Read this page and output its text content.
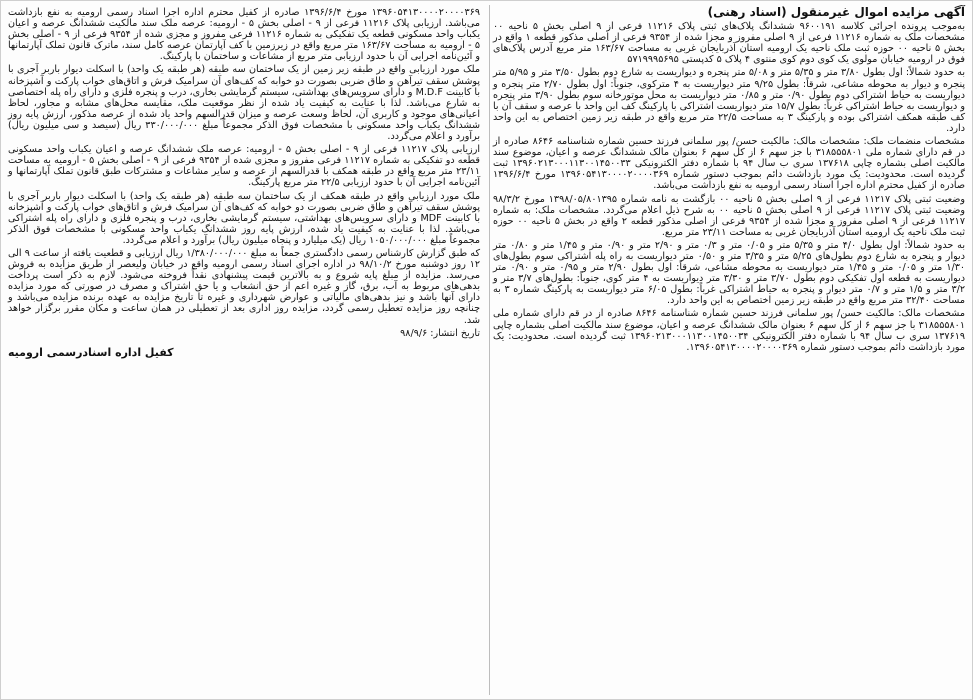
آگهی مزایده اموال غیرمنقول (اسناد رهنی)

به‌موجب پرونده اجرائی کلاسه ۹۶۰۰۱۹۱ ششدانگ پلاک‌های ثبتی پلاک ۱۱۲۱۶ فرعی از ۹ اصلی بخش ۵ ناحیه ۰۰ مشخصات ملک به شماره ۱۱۲۱۶ فرعی از ۹ اصلی مفروز و مجزا شده از ۹۳۵۴ فرعی از اصلی مذکور قطعه ۱ واقع در بخش ۵ ناحیه ۰۰ حوزه ثبت ملک ناحیه یک ارومیه استان آذربایجان غربی به مساحت ۱۶۳/۶۷ متر مربع آدرس پلاک‌های فوق در ارومیه خیابان مولوی یک کوی دوم کوی منتوی ۴ پلاک ۵ کدپستی ۵۷۱۹۹۹۵۶۹۵

به حدود شمالاً: اول بطول ۳/۸۰ متر و ۵/۳۵ متر و ۵/۰۸ متر پنجره و دیواریست به شارع دوم بطول ۳/۵۰ متر و ۵/۹۵ متر پنجره و دیوار به محوطه مشاعی، شرقاً: بطول ۹/۲۵ متر دیواریست به ۴ مترکوی، جنوباً: اول بطول ۲/۷۰ متر پنجره و دیواریست به حیاط اشتراکی دوم بطول ۰/۹۰ متر و ۰/۸۵ متر دیواریست به محل موتورخانه سوم بطول ۳/۹۰ متر پنجره و دیواریست به حیاط اشتراکی غرباً: بطول ۱۵/۷ متر دیواریست اشتراکی با پارکینگ کف این واحد با عرصه و سقف آن با کف طبقه همکف اشتراکی بوده و پارکینگ ۳ به مساحت ۲۲/۵ متر مربع واقع در طبقه زیر زمین اختصاص به این واحد دارد.

مشخصات منضمات ملک: مشخصات مالک: مالکیت حسن/ پور سلمانی فرزند حسین شماره شناسنامه ۸۶۴۶ صادره از در قم دارای شماره ملی ۳۱۸۵۵۵۸۰۱ با جز سهم ۶ از کل سهم ۶ بعنوان مالک ششدانگ عرصه و اعیان، موضوع سند مالکیت اصلی بشماره چاپی ۱۳۷۶۱۸ سری ب سال ۹۴ با شماره دفتر الکترونیکی ۱۳۹۶۰۲۱۳۰۰۰۱۱۳۰۰۱۴۵۰۰۳۳ ثبت گردیده است. محدودیت: یک مورد بازداشت دائم بموجب دستور شماره ۱۳۹۶۰۵۴۱۳۰۰۰۰۲۰۰۰۰۳۶۹ مورخ ۱۳۹۶/۶/۴ صادره از کفیل محترم اداره اجرا اسناد رسمی ارومیه به نفع بازداشت می‌باشد.

وضعیت ثبتی پلاک ۱۱۲۱۷ فرعی از ۹ اصلی بخش ۵ ناحیه ۰۰ بازگشت به نامه شماره ۱۳۹۸/۰۵/۸۰۱۳۹۵ مورخ ۹۸/۳/۲ وضعیت ثبتی پلاک ۱۱۲۱۷ فرعی از ۹ اصلی بخش ۵ ناحیه ۰۰ به شرح ذیل اعلام می‌گردد. مشخصات ملک: به شماره ۱۱۲۱۷ فرعی از ۹ اصلی مفروز و مجزا شده از ۹۳۵۴ فرعی از اصلی مذکور قطعه ۲ واقع در بخش ۵ ناحیه ۰۰ حوزه ثبت ملک ناحیه یک ارومیه استان آذربایجان غربی به مساحت ۲۳/۱۱ متر مربع.

به حدود شمالاً: اول بطول ۴/۰ متر و ۵/۳۵ متر و ۰/۰۵ متر و ۰/۳ متر و ۲/۹۰ متر و ۰/۹۰ متر و ۱/۴۵ متر و ۰/۸۰ متر دیوار و پنجره به شارع دوم بطول‌های ۵/۲۵ متر و ۳/۳۵ متر و ۰/۵۰ متر دیواریست به راه پله اشتراکی سوم بطول‌های ۱/۳۰ متر و ۰/۰۵ متر و ۱/۴۵ متر دیواریست به محوطه مشاعی، شرقاً: اول بطول ۲/۹۰ متر و ۰/۹۵ متر و ۰/۹۰ متر دیواریست به قطعه اول تفکیکی دوم بطول ۳/۷۰ متر و ۳/۳۰ متر دیواریست به ۴ متر کوی، جنوباً: بطول‌های ۳/۷ متر و ۳/۲ متر و ۱/۵ متر و ۰/۷ متر دیوار و پنجره به حیاط اشتراکی غرباً: بطول ۶/۰۵ متر دیواریست به پارکینگ شماره ۳ به مساحت ۳۲/۴۰ متر مربع واقع در طبقه زیر زمین اختصاص به این واحد دارد.

مشخصات مالک: مالکیت حسن/ پور سلمانی فرزند حسین شماره شناسنامه ۸۶۴۶ صادره از در قم دارای شماره ملی ۳۱۸۵۵۵۸۰۱ با جز سهم ۶ از کل سهم ۶ بعنوان مالک ششدانگ عرصه و اعیان، موضوع سند مالکیت اصلی بشماره چاپی ۱۳۷۶۱۹ سری ب سال ۹۴ با شماره دفتر الکترونیکی ۱۳۹۶۰۲۱۳۰۰۰۱۱۳۰۰۱۴۵۰۰۳۴ ثبت گردیده است. محدودیت: یک مورد بازداشت دائم بموجب دستور شماره ۱۳۹۶۰۵۴۱۳۰۰۰۰۲۰۰۰۰۳۶۹.

۱۳۹۶۰۵۴۱۳۰۰۰۰۲۰۰۰۰۳۶۹ مورخ ۱۳۹۶/۶/۴ صادره از کفیل محترم اداره اجرا اسناد رسمی ارومیه به نفع بازداشت می‌باشد. ارزیابی پلاک ۱۱۲۱۶ فرعی از ۹ - اصلی بخش ۵ - ارومیه: عرصه ملک سند مالکیت ششدانگ عرصه و اعیان یکباب واحد مسکونی قطعه یک تفکیکی به شماره ۱۱۲۱۶ فرعی مفروز و مجزی شده از ۹۳۵۴ فرعی از ۹ - اصلی بخش ۵ - ارومیه به مساحت ۱۶۳/۶۷ متر مربع واقع در زیرزمین با کف آپارتمان عرصه کامل سند، ماترک قانون تملک آپارتمانها و آئین‌نامه اجرایی آن با حدود ارزیابی متر مربع از مشاعات و ساختمان با پارکینگ.

ملک مورد ارزیابی واقع در طبقه زیر زمین از یک ساختمان سه طبقه (هر طبقه یک واحد) با اسکلت دیوار باربر آجری با پوشش سقف تیرآهن و طاق ضربی بصورت دو خوابه که کف‌های آن سرامیک فرش و اتاق‌های خواب پارکت و آشپزخانه با کابینت M.D.F و دارای سرویس‌های بهداشتی، سیستم گرمایشی بخاری، درب و پنجره فلزی و دارای راه پله اختصاصی به شارع می‌باشد. لذا با عنایت به کیفیت یاد شده از نظر موقعیت ملک، مقایسه محل‌های مشابه و مجاور، لحاظ اعیانی‌های موجود و کاربری آن، لحاظ وسعت عرصه و میزان قدرالسهم واحد یاد شده از عرصه مذکور، ارزش پایه روز ششدانگ یکباب واحد مسکونی با مشخصات فوق الذکر مجموعاً مبلغ ۳۳۰/۰۰۰/۰۰۰ ریال (سیصد و سی میلیون ریال) برآورد و اعلام می‌گردد.

ارزیابی پلاک ۱۱۲۱۷ فرعی از ۹ - اصلی بخش ۵ - ارومیه: عرصه ملک ششدانگ عرصه و اعیان یکباب واحد مسکونی قطعه دو تفکیکی به شماره ۱۱۲۱۷ فرعی مفروز و مجزی شده از ۹۳۵۴ فرعی از ۹ - اصلی بخش ۵ - ارومیه به مساحت ۲۳/۱۱ متر مربع واقع در طبقه همکف با قدرالسهم از عرصه و سایر مشاعات و مشترکات طبق قانون تملک آپارتمانها و آئین‌نامه اجرایی آن با حدود ارزیابی ۲۲/۵ متر مربع پارکینگ.

ملک مورد ارزیابی واقع در طبقه همکف از یک ساختمان سه طبقه (هر طبقه یک واحد) با اسکلت دیوار باربر آجری با پوشش سقف تیرآهن و طاق ضربی بصورت دو خوابه که کف‌های آن سرامیک فرش و اتاق‌های خواب پارکت و آشپزخانه با کابینت MDF و دارای سرویس‌های بهداشتی، سیستم گرمایشی بخاری، درب و پنجره فلزی و دارای راه پله اشتراکی می‌باشد. لذا با عنایت به کیفیت یاد شده، ارزش پایه روز ششدانگ یکباب واحد مسکونی با مشخصات فوق الذکر مجموعاً مبلغ ۱۰۵۰/۰۰۰/۰۰۰ ریال (یک میلیارد و پنجاه میلیون ریال) برآورد و اعلام می‌گردد.

که طبق گزارش کارشناس رسمی دادگستری جمعاً به مبلغ ۱/۳۸۰/۰۰۰/۰۰۰ ریال ارزیابی و قطعیت یافته از ساعت ۹ الی ۱۲ روز دوشنبه مورخ ۹۸/۱۰/۲ در اداره اجرای اسناد رسمی ارومیه واقع در خیابان ولیعصر از طریق مزایده به فروش می‌رسد. مزایده از مبلغ پایه شروع و به بالاترین قیمت پیشنهادی نقداً فروخته می‌شود. لازم به ذکر است پرداخت بدهی‌های مربوط به آب، برق، گاز و غیره اعم از حق انشعاب و یا حق اشتراک و مصرف در صورتی که مورد مزایده دارای آنها باشد و نیز بدهی‌های مالیاتی و عوارض شهرداری و غیره تا تاریخ مزایده به عهده برنده مزایده می‌باشد و چنانچه روز مزایده تعطیل رسمی گردد، مزایده روز اداری بعد از تعطیلی در همان ساعت و مکان مقرر برگزار خواهد شد.

تاریخ انتشار: ۹۸/۹/۶

کفیل اداره اسنادرسمی ارومیه
